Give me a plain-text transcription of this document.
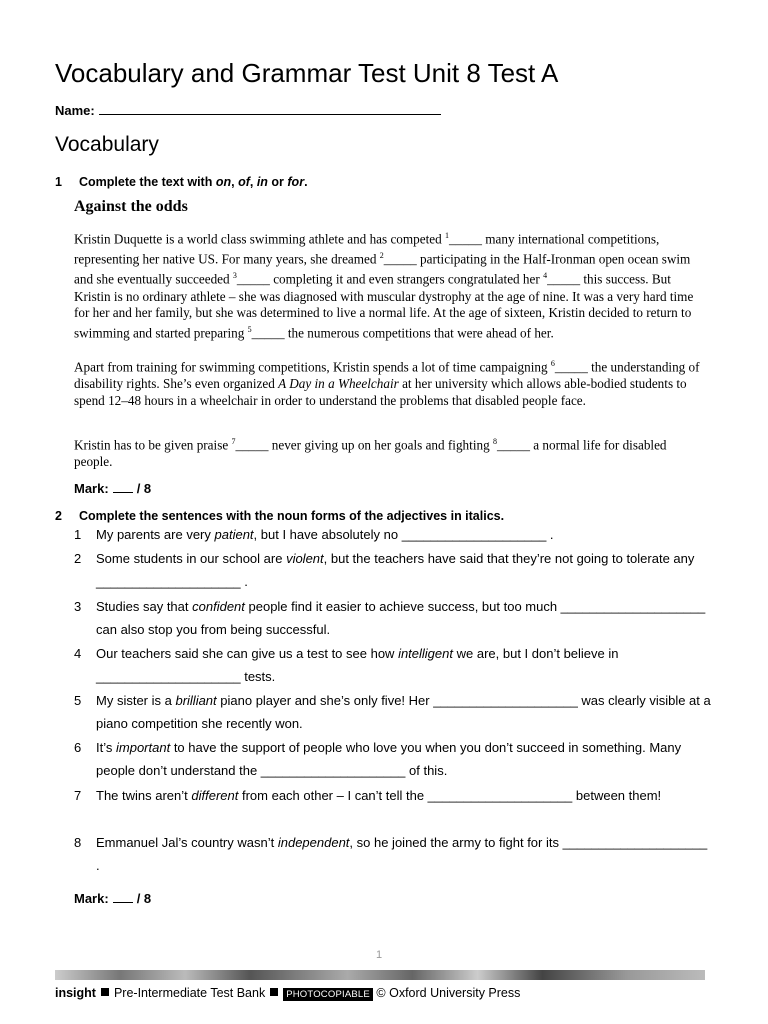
Vocabulary and Grammar Test Unit 8 Test A
Name:
Vocabulary
1 Complete the text with on, of, in or for.
Against the odds

Kristin Duquette is a world class swimming athlete and has competed $^1$_____ many international competitions, representing her native US. For many years, she dreamed $^2$_____ participating in the Half-Ironman open ocean swim and she eventually succeeded $^3$_____ completing it and even strangers congratulated her $^4$_____ this success. But Kristin is no ordinary athlete – she was diagnosed with muscular dystrophy at the age of nine. It was a very hard time for her and her family, but she was determined to live a normal life. At the age of sixteen, Kristin decided to return to swimming and started preparing $^5$_____ the numerous competitions that were ahead of her.

Apart from training for swimming competitions, Kristin spends a lot of time campaigning $^6$_____ the understanding of disability rights. She’s even organized A Day in a Wheelchair at her university which allows able-bodied students to spend 12–48 hours in a wheelchair in order to understand the problems that disabled people face.

Kristin has to be given praise $^7$_____ never giving up on her goals and fighting $^8$_____ a normal life for disabled people.

Mark: / 8
2 Complete the sentences with the noun forms of the adjectives in italics.
1 My parents are very patient, but I have absolutely no ____________________ .
2 Some students in our school are violent, but the teachers have said that they’re not going to tolerate any ____________________ .
3 Studies say that confident people find it easier to achieve success, but too much ____________________ can also stop you from being successful.
4 Our teachers said she can give us a test to see how intelligent we are, but I don’t believe in ____________________ tests.
5 My sister is a brilliant piano player and she’s only five! Her ____________________ was clearly visible at a piano competition she recently won.
6 It’s important to have the support of people who love you when you don’t succeed in something. Many people don’t understand the ____________________ of this.
7 The twins aren’t different from each other – I can’t tell the ____________________ between them!
8 Emmanuel Jal’s country wasn’t independent, so he joined the army to fight for its ____________________ .
Mark: / 8
1
insight Pre-Intermediate Test Bank PHOTOCOPIABLE © Oxford University Press
